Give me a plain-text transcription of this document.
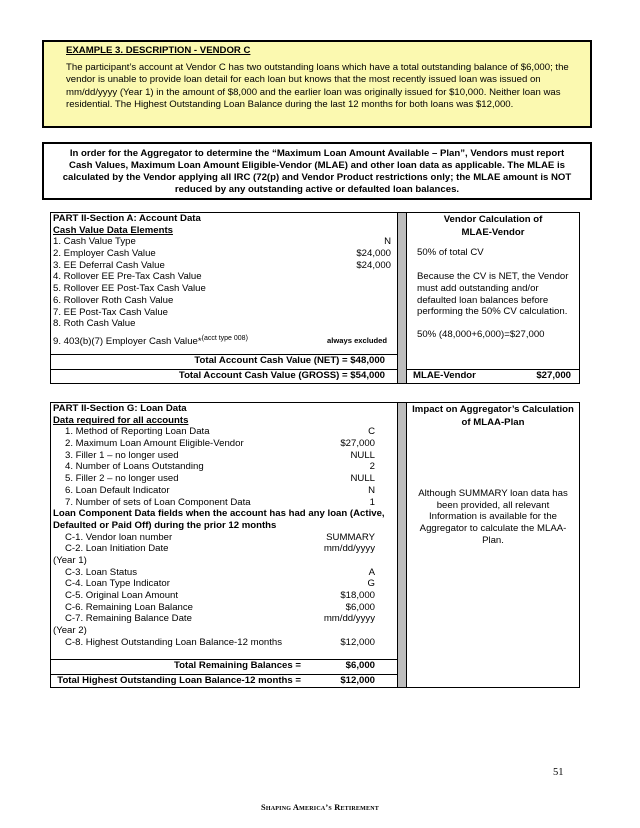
EXAMPLE 3. DESCRIPTION - VENDOR C
The participant’s account at Vendor C has two outstanding loans which have a total outstanding balance of $6,000; the vendor is unable to provide loan detail for each loan but knows that the most recently issued loan was issued on mm/dd/yyyy (Year 1) in the amount of $8,000 and the earlier loan was originally issued for $10,000. Neither loan was residential. The Highest Outstanding Loan Balance during the last 12 months for both loans was $12,000.
In order for the Aggregator to determine the “Maximum Loan Amount Available – Plan”, Vendors must report Cash Values, Maximum Loan Amount Eligible-Vendor (MLAE) and other loan data as applicable. The MLAE is calculated by the Vendor applying all IRC (72(p) and Vendor Product restrictions only; the MLAE amount is NOT reduced by any outstanding active or defaulted loan balances.
PART II-Section A: Account Data
Cash Value Data Elements
1. Cash Value Type	N
2. Employer Cash Value	$24,000
3. EE Deferral Cash Value	$24,000
4. Rollover EE Pre-Tax Cash Value
5. Rollover EE Post-Tax Cash Value
6. Rollover Roth Cash Value
7. EE Post-Tax Cash Value
8. Roth Cash Value
9. 403(b)(7) Employer Cash Value*$^{(acct type 008)}$	always excluded
Total Account Cash Value (NET) = $48,000
Total Account Cash Value (GROSS) = $54,000
Vendor Calculation of
MLAE-Vendor
50% of total CV
Because the CV is NET, the Vendor must add outstanding and/or defaulted loan balances before performing the 50% CV calculation.
50% (48,000+6,000)=$27,000
MLAE-Vendor	$27,000
PART II-Section G: Loan Data
Data required for all accounts
1. Method of Reporting Loan Data	C
2. Maximum Loan Amount Eligible-Vendor	$27,000
3. Filler 1 – no longer used	NULL
4. Number of Loans Outstanding	2
5. Filler 2 – no longer used	NULL
6. Loan Default Indicator	N
7. Number of sets of Loan Component Data	1
Loan Component Data fields when the account has had any loan (Active, Defaulted or Paid Off) during the prior 12 months
C-1. Vendor loan number	SUMMARY
C-2. Loan Initiation Date	mm/dd/yyyy
(Year 1)
C-3. Loan Status	A
C-4. Loan Type Indicator	G
C-5. Original Loan Amount	$18,000
C-6. Remaining Loan Balance	$6,000
C-7. Remaining Balance Date	mm/dd/yyyy
(Year 2)
C-8. Highest Outstanding Loan Balance-12 months	$12,000
Total Remaining Balances =	$6,000
Total Highest Outstanding Loan Balance-12 months =	$12,000
Impact on Aggregator’s Calculation
of MLAA-Plan
Although SUMMARY loan data has been provided, all relevant Information is available for the Aggregator to calculate the MLAA-Plan.
51
Shaping America’s Retirement
